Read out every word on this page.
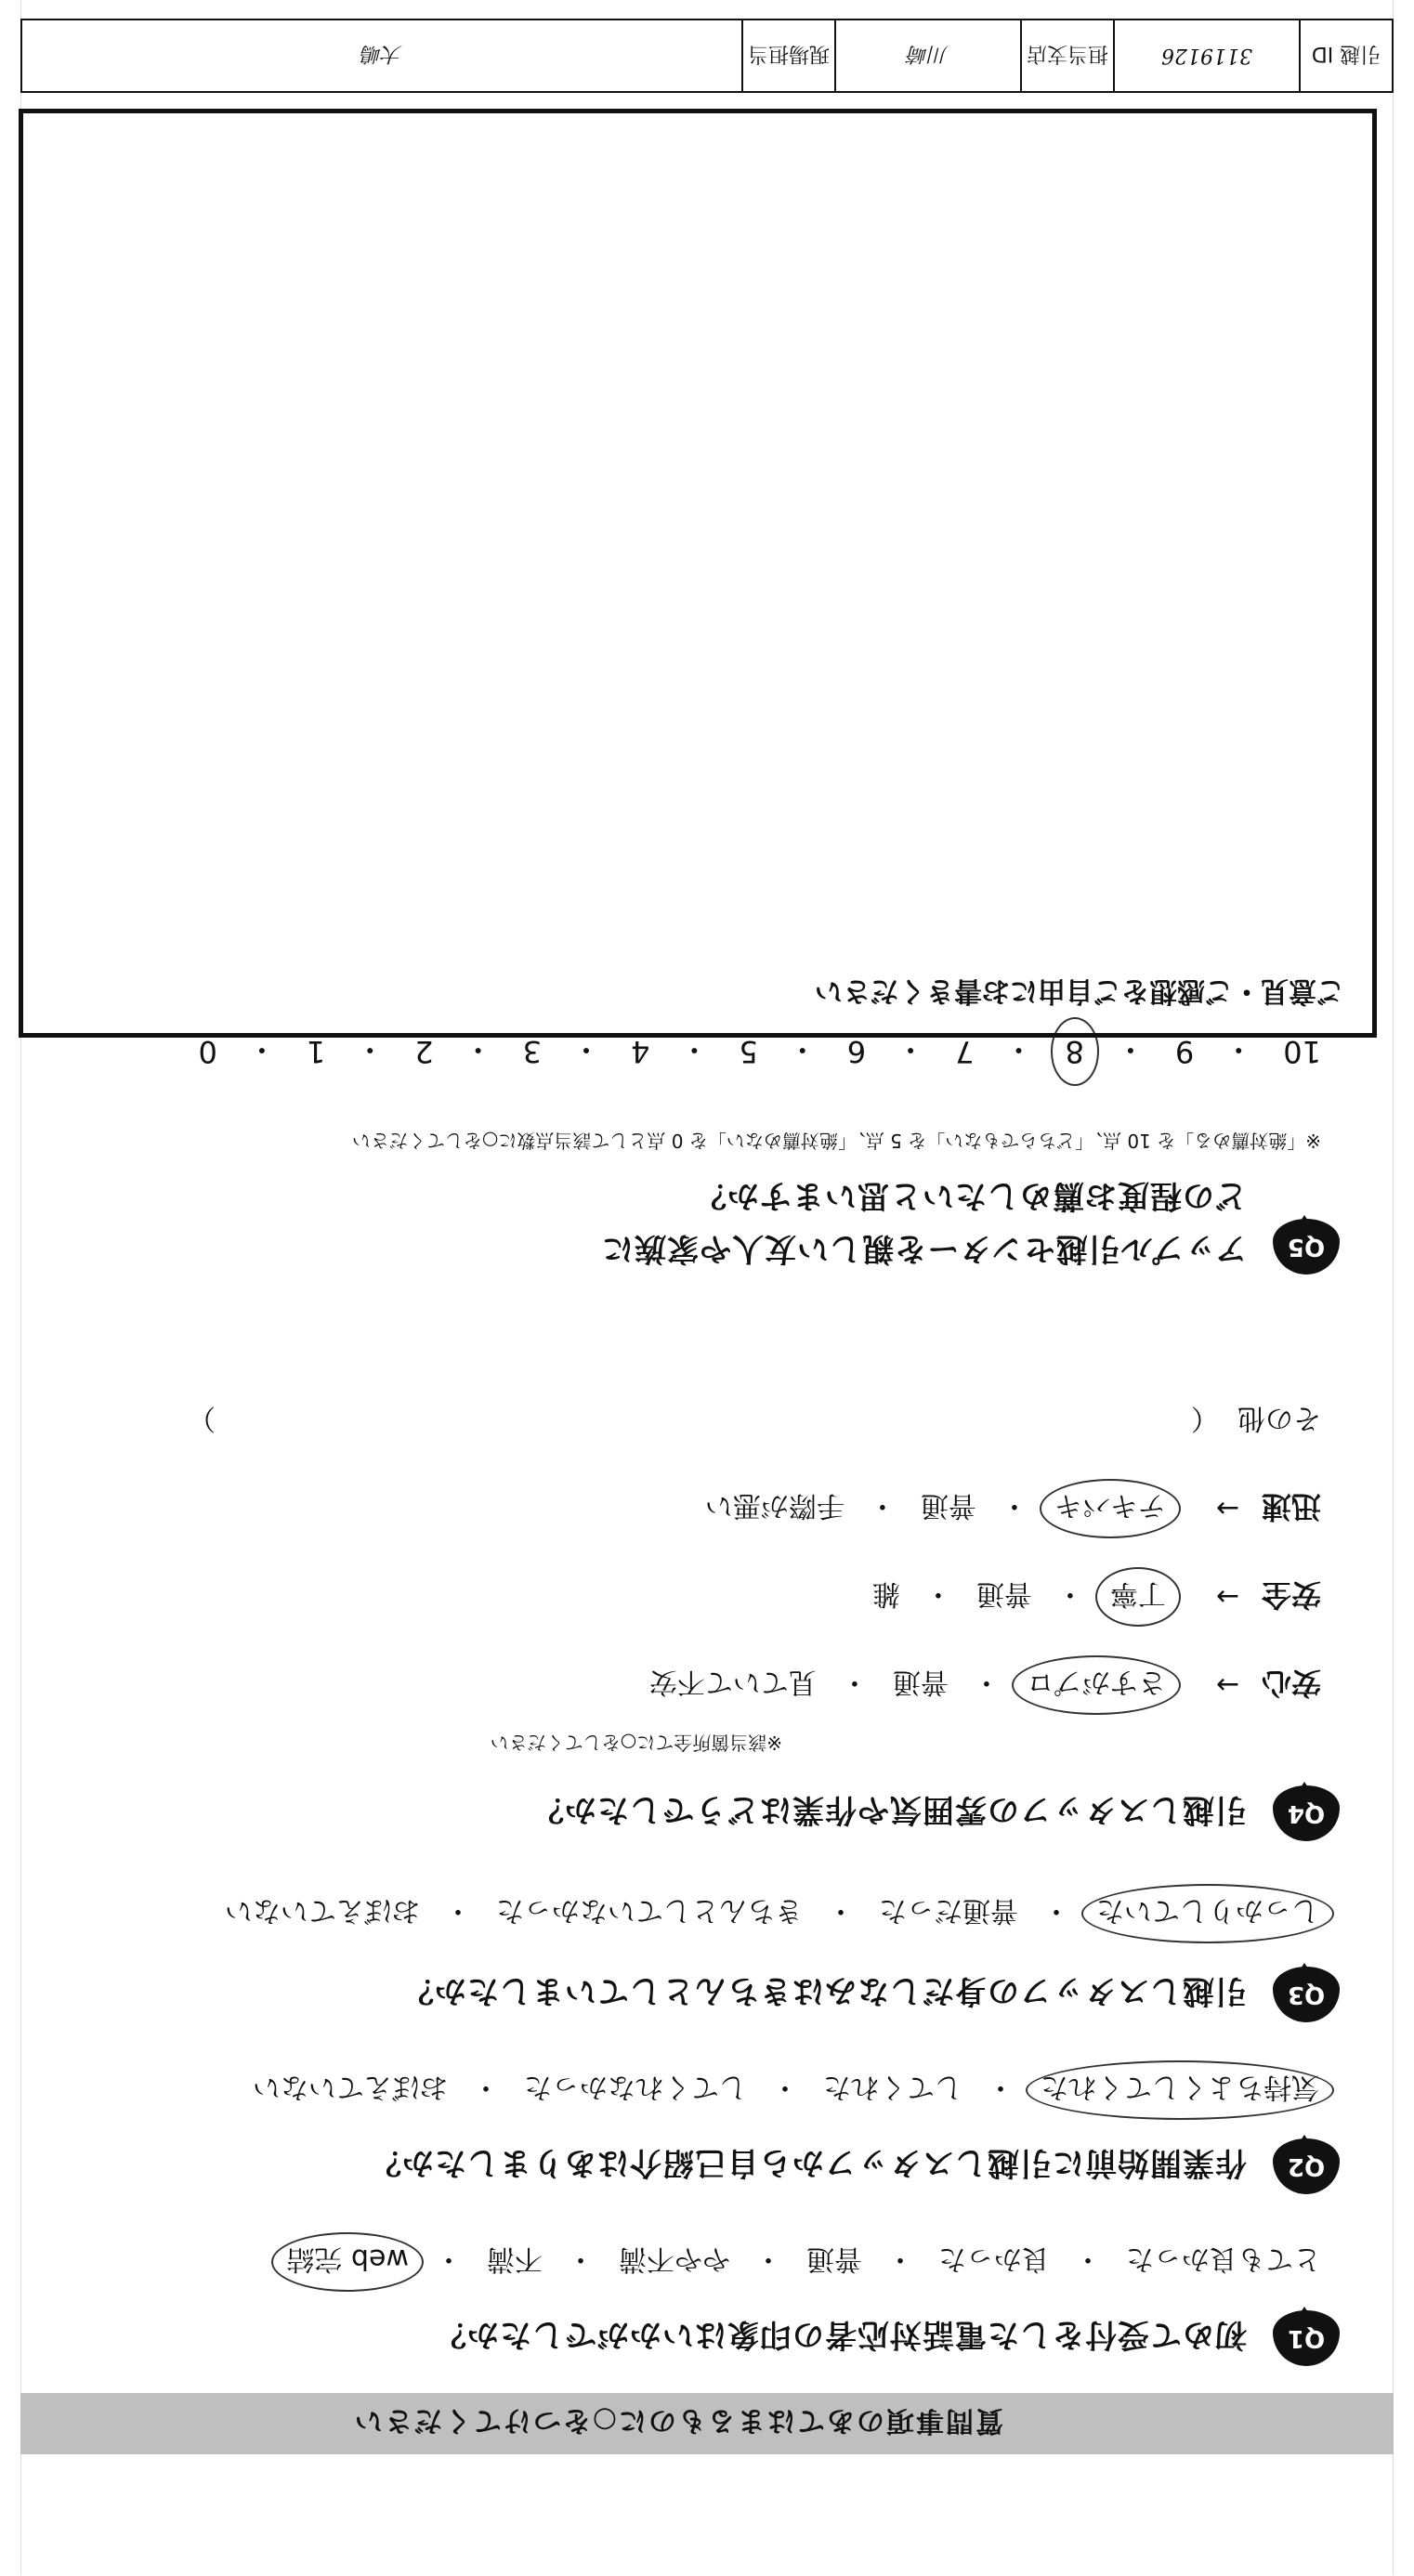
質問事項のあてはまるものに○をつけてください
Q1
初めて受付をした電話対応者の印象はいかがでしたか？
とても良かった
・
良かった
・
普通
・
やや不満
・
不満
・
web 完結
Q2
作業開始前に引越しスタッフから自己紹介はありましたか？
気持ちよくしてくれた
・
してくれた
・
してくれなかった
・
おぼえていない
Q3
引越しスタッフの身だしなみはきちんとしていましたか？
しっかりしていた
・
普通だった
・
きちんとしていなかった
・
おぼえていない
Q4
引越しスタッフの雰囲気や作業はどうでしたか？
※該当箇所全てに○をしてください
安心
→
さすがプロ
・
普通
・
見ていて不安
安全
→
丁寧
・
普通
・
雑
迅速
→
テキパキ
・
普通
・
手際が悪い
その他
（
）
Q5
アップル引越センターを親しい友人や家族に
どの程度お薦めしたいと思いますか？
※「絶対薦める」を 10 点、「どちらでもない」を 5 点、「絶対薦めない」を 0 点として該当点数に○をしてください
10
・
9
・
8
・
7
・
6
・
5
・
4
・
3
・
2
・
1
・
0
ご意見・ご感想をご自由にお書きください
引越 ID
3119126
担当支店
川崎
現場担当
大嶋
